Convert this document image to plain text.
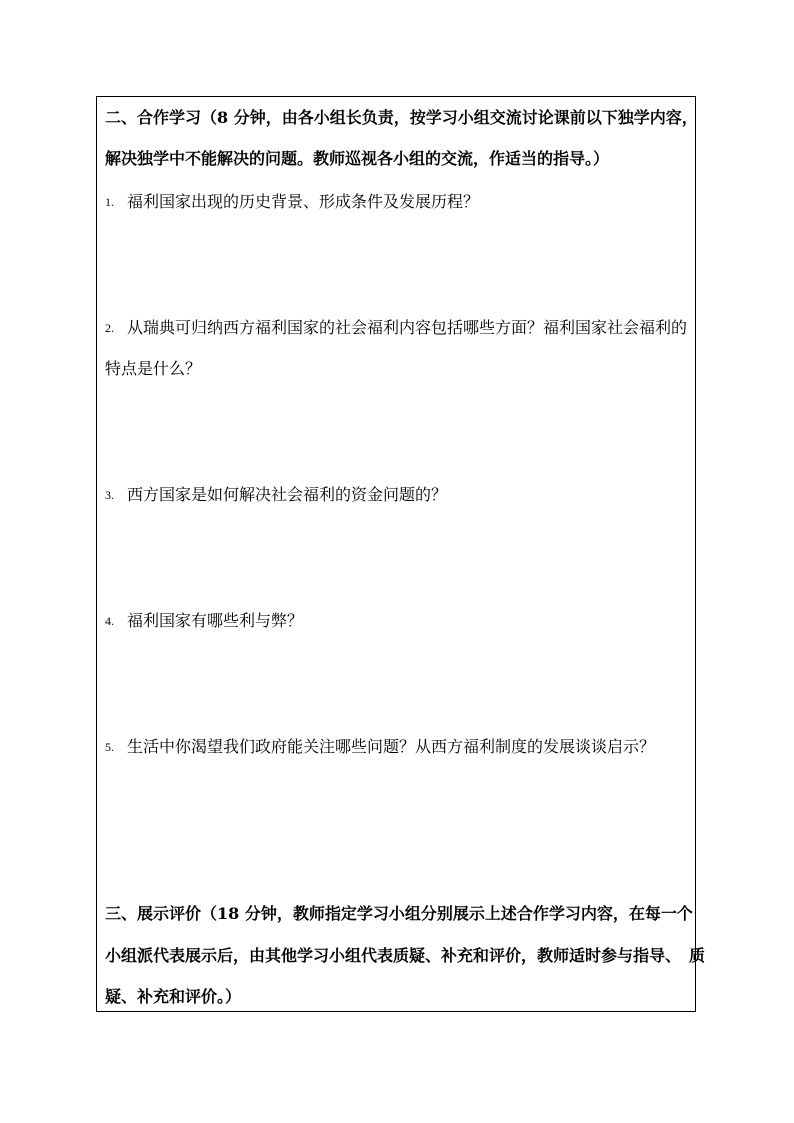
二、合作学习（8 分钟，由各小组长负责，按学习小组交流讨论课前以下独学内容，
解决独学中不能解决的问题。教师巡视各小组的交流，作适当的指导。）
1. 福利国家出现的历史背景、形成条件及发展历程？
2. 从瑞典可归纳西方福利国家的社会福利内容包括哪些方面？福利国家社会福利的
特点是什么？
3. 西方国家是如何解决社会福利的资金问题的？
4. 福利国家有哪些利与弊？
5. 生活中你渴望我们政府能关注哪些问题？从西方福利制度的发展谈谈启示？
三、展示评价（18 分钟，教师指定学习小组分别展示上述合作学习内容，在每一个
小组派代表展示后，由其他学习小组代表质疑、补充和评价，教师适时参与指导、　质
疑、补充和评价。）
